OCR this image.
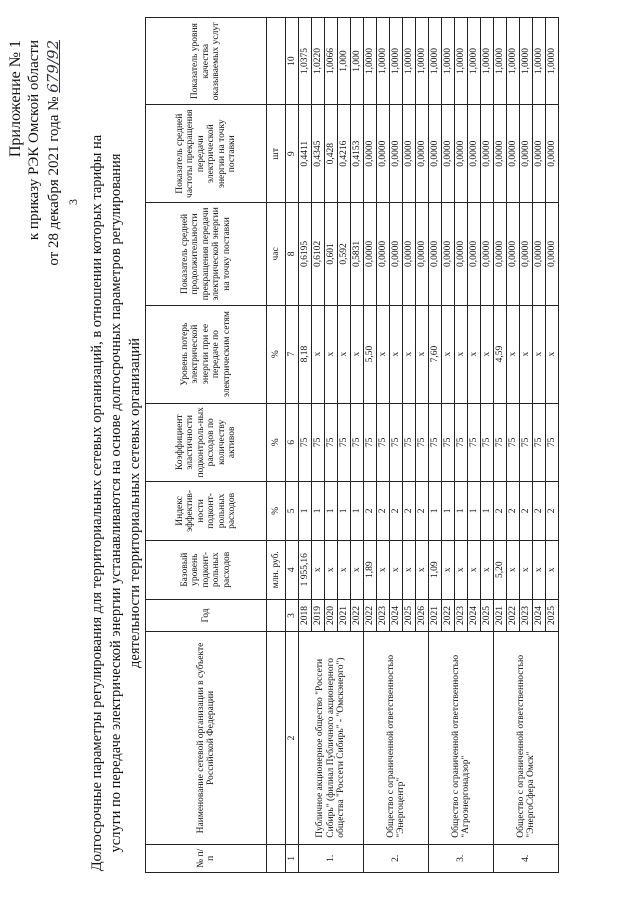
3
Приложение № 1 к приказу РЭК Омской области от 28 декабря 2021 года № 679/92
Долгосрочные параметры регулирования для территориальных сетевых организаций, в отношении которых тарифы на услуги по передаче электрической энергии устанавливаются на основе долгосрочных параметров регулирования деятельности территориальных сетевых организаций
№ п/п	Наименование сетевой организации в субъекте Российской Федерации	Год	Базовый уровень подконт-рольных расходов	Индекс эффектив-ности подконт-рольных расходов	Коэффициент эластичности подконтроль-ных расходов по количеству активов	Уровень потерь электрической энергии при ее передаче по электрическим сетям	Показатель средней продолжительности прекращения передачи электрической энергии на точку поставки	Показатель средней частоты прекращения передачи электрической энергии на точку поставки	Показатель уровня качества оказываемых услуг
			млн. руб.	%	%	%	час	шт	
1	2	3	4	5	6	7	8	9	10
1.	Публичное акционерное общество "Россети Сибирь" (филиал Публичного акционерного общества "Россети Сибирь" - "Омскэнерго")	2018	1 955,16	1	75	8,18	0,6195	0,4411	1,0375
		2019	x	1	75	x	0,6102	0,4345	1,0220
		2020	x	1	75	x	0,601	0,428	1,0066
		2021	x	1	75	x	0,592	0,4216	1,000
		2022	x	1	75	x	0,5831	0,4153	1,000
2.	Общество с ограниченной ответственностью "Энергоцентр"	2022	1,89	2	75	5,50	0,0000	0,0000	1,0000
		2023	x	2	75	x	0,0000	0,0000	1,0000
		2024	x	2	75	x	0,0000	0,0000	1,0000
		2025	x	2	75	x	0,0000	0,0000	1,0000
		2026	x	2	75	x	0,0000	0,0000	1,0000
3.	Общество с ограниченной ответственностью "Агроэнергонадзор"	2021	1,09	1	75	7,60	0,0000	0,0000	1,0000
		2022	x	1	75	x	0,0000	0,0000	1,0000
		2023	x	1	75	x	0,0000	0,0000	1,0000
		2024	x	1	75	x	0,0000	0,0000	1,0000
		2025	x	1	75	x	0,0000	0,0000	1,0000
4.	Общество с ограниченной ответственностью "ЭнергоСфера Омск"	2021	5,20	2	75	4,59	0,0000	0,0000	1,0000
		2022	x	2	75	x	0,0000	0,0000	1,0000
		2023	x	2	75	x	0,0000	0,0000	1,0000
		2024	x	2	75	x	0,0000	0,0000	1,0000
		2025	x	2	75	x	0,0000	0,0000	1,0000
